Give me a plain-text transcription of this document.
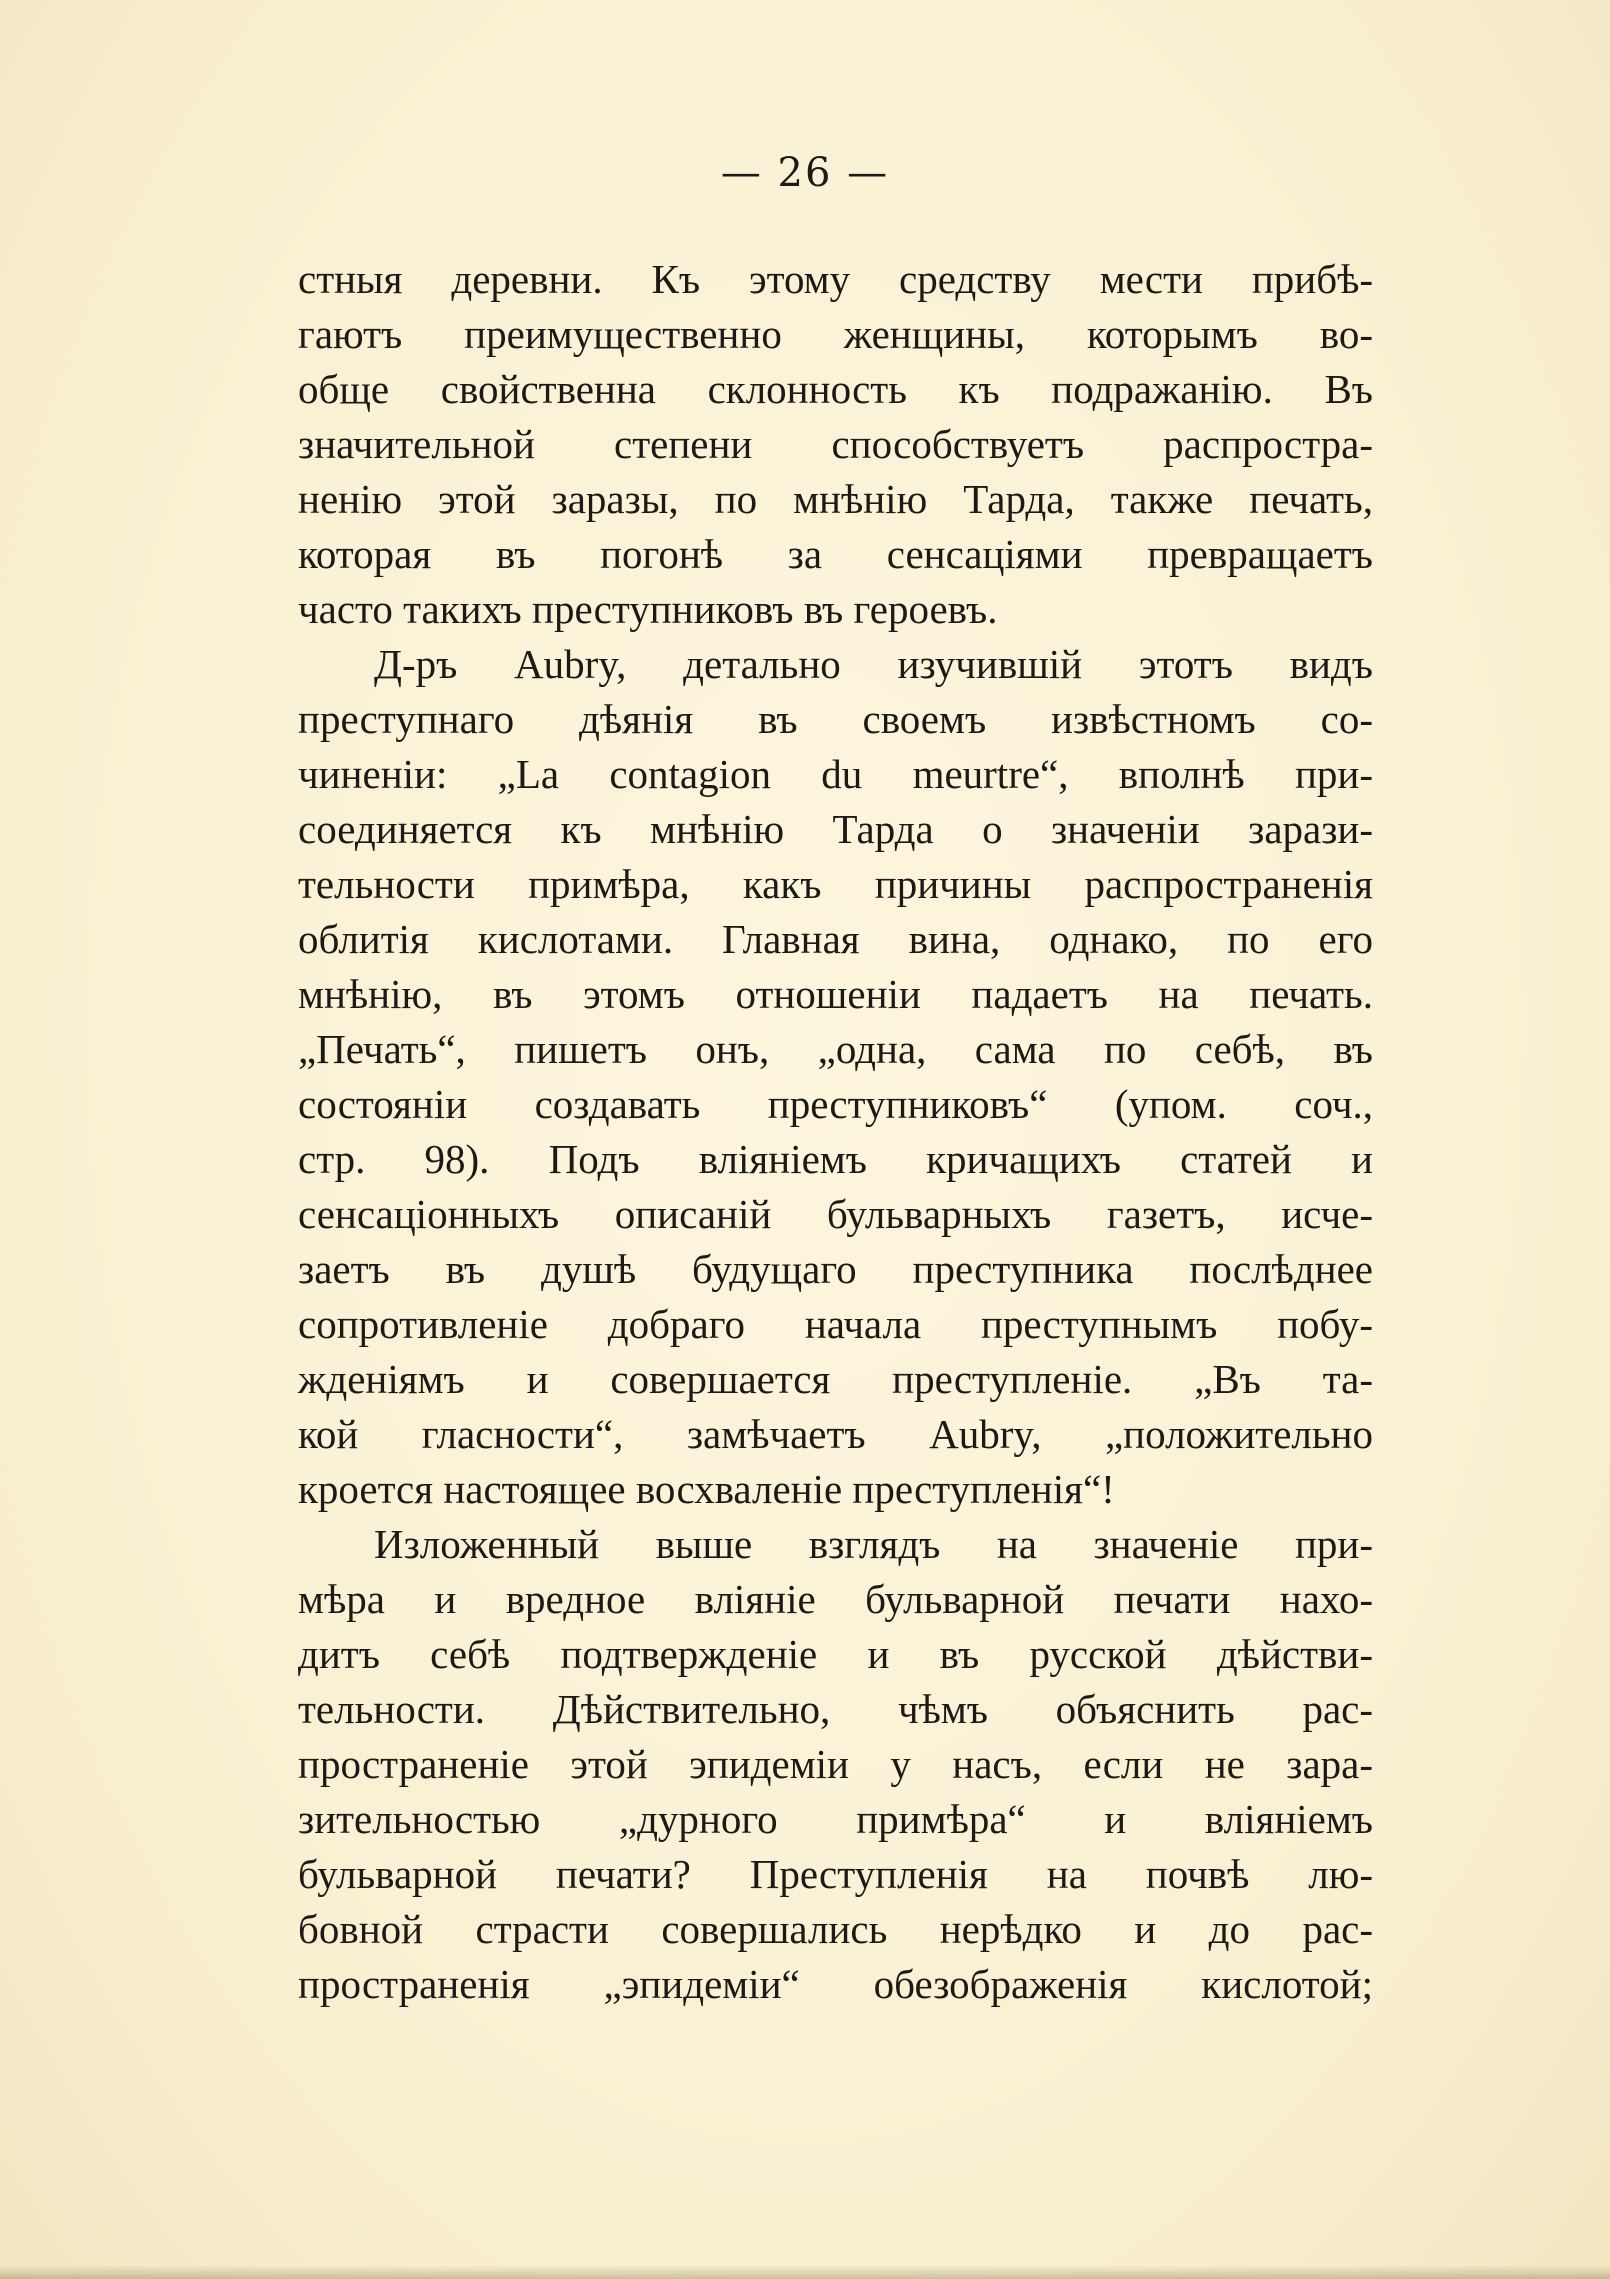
— 26 —
стныя деревни. Къ этому средству мести прибѣ-
гаютъ преимущественно женщины, которымъ во-
обще свойственна склонность къ подражанію. Въ
значительной степени способствуетъ распростра-
ненію этой заразы, по мнѣнію Тарда, также печать,
которая въ погонѣ за сенсаціями превращаетъ
часто такихъ преступниковъ въ героевъ.
Д-ръ Aubry, детально изучившій этотъ видъ
преступнаго дѣянія въ своемъ извѣстномъ со-
чиненіи: „La contagion du meurtre“, вполнѣ при-
соединяется къ мнѣнію Тарда о значеніи зарази-
тельности примѣра, какъ причины распространенія
облитія кислотами. Главная вина, однако, по его
мнѣнію, въ этомъ отношеніи падаетъ на печать.
„Печать“, пишетъ онъ, „одна, сама по себѣ, въ
состояніи создавать преступниковъ“ (упом. соч.,
стр. 98). Подъ вліяніемъ кричащихъ статей и
сенсаціонныхъ описаній бульварныхъ газетъ, исче-
заетъ въ душѣ будущаго преступника послѣднее
сопротивленіе добраго начала преступнымъ побу-
жденіямъ и совершается преступленіе. „Въ та-
кой гласности“, замѣчаетъ Aubry, „положительно
кроется настоящее восхваленіе преступленія“!
Изложенный выше взглядъ на значеніе при-
мѣра и вредное вліяніе бульварной печати нахо-
дитъ себѣ подтвержденіе и въ русской дѣйстви-
тельности. Дѣйствительно, чѣмъ объяснить рас-
пространеніе этой эпидеміи у насъ, если не зара-
зительностью „дурного примѣра“ и вліяніемъ
бульварной печати? Преступленія на почвѣ лю-
бовной страсти совершались нерѣдко и до рас-
пространенія „эпидеміи“ обезображенія кислотой;
